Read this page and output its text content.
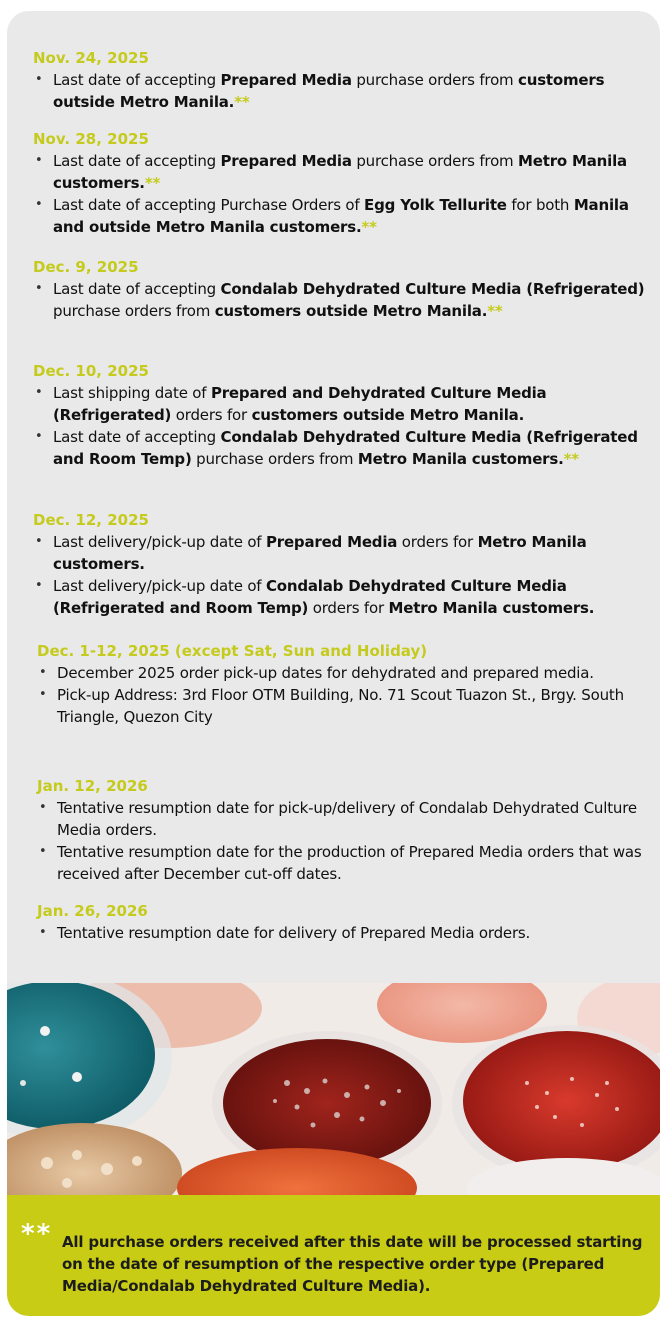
Nov. 24, 2025
• Last date of accepting Prepared Media purchase orders from customers outside Metro Manila.**
Nov. 28, 2025
• Last date of accepting Prepared Media purchase orders from Metro Manila customers.**
• Last date of accepting Purchase Orders of Egg Yolk Tellurite for both Manila and outside Metro Manila customers.**
Dec. 9, 2025
• Last date of accepting Condalab Dehydrated Culture Media (Refrigerated) purchase orders from customers outside Metro Manila.**
Dec. 10, 2025
• Last shipping date of Prepared and Dehydrated Culture Media (Refrigerated) orders for customers outside Metro Manila.
• Last date of accepting Condalab Dehydrated Culture Media (Refrigerated and Room Temp) purchase orders from Metro Manila customers.**
Dec. 12, 2025
• Last delivery/pick-up date of Prepared Media orders for Metro Manila customers.
• Last delivery/pick-up date of Condalab Dehydrated Culture Media (Refrigerated and Room Temp) orders for Metro Manila customers.
Dec. 1-12, 2025 (except Sat, Sun and Holiday)
• December 2025 order pick-up dates for dehydrated and prepared media.
• Pick-up Address: 3rd Floor OTM Building, No. 71 Scout Tuazon St., Brgy. South Triangle, Quezon City
Jan. 12, 2026
• Tentative resumption date for pick-up/delivery of Condalab Dehydrated Culture Media orders.
• Tentative resumption date for the production of Prepared Media orders that was received after December cut-off dates.
Jan. 26, 2026
• Tentative resumption date for delivery of Prepared Media orders.
** All purchase orders received after this date will be processed starting on the date of resumption of the respective order type (Prepared Media/Condalab Dehydrated Culture Media).
